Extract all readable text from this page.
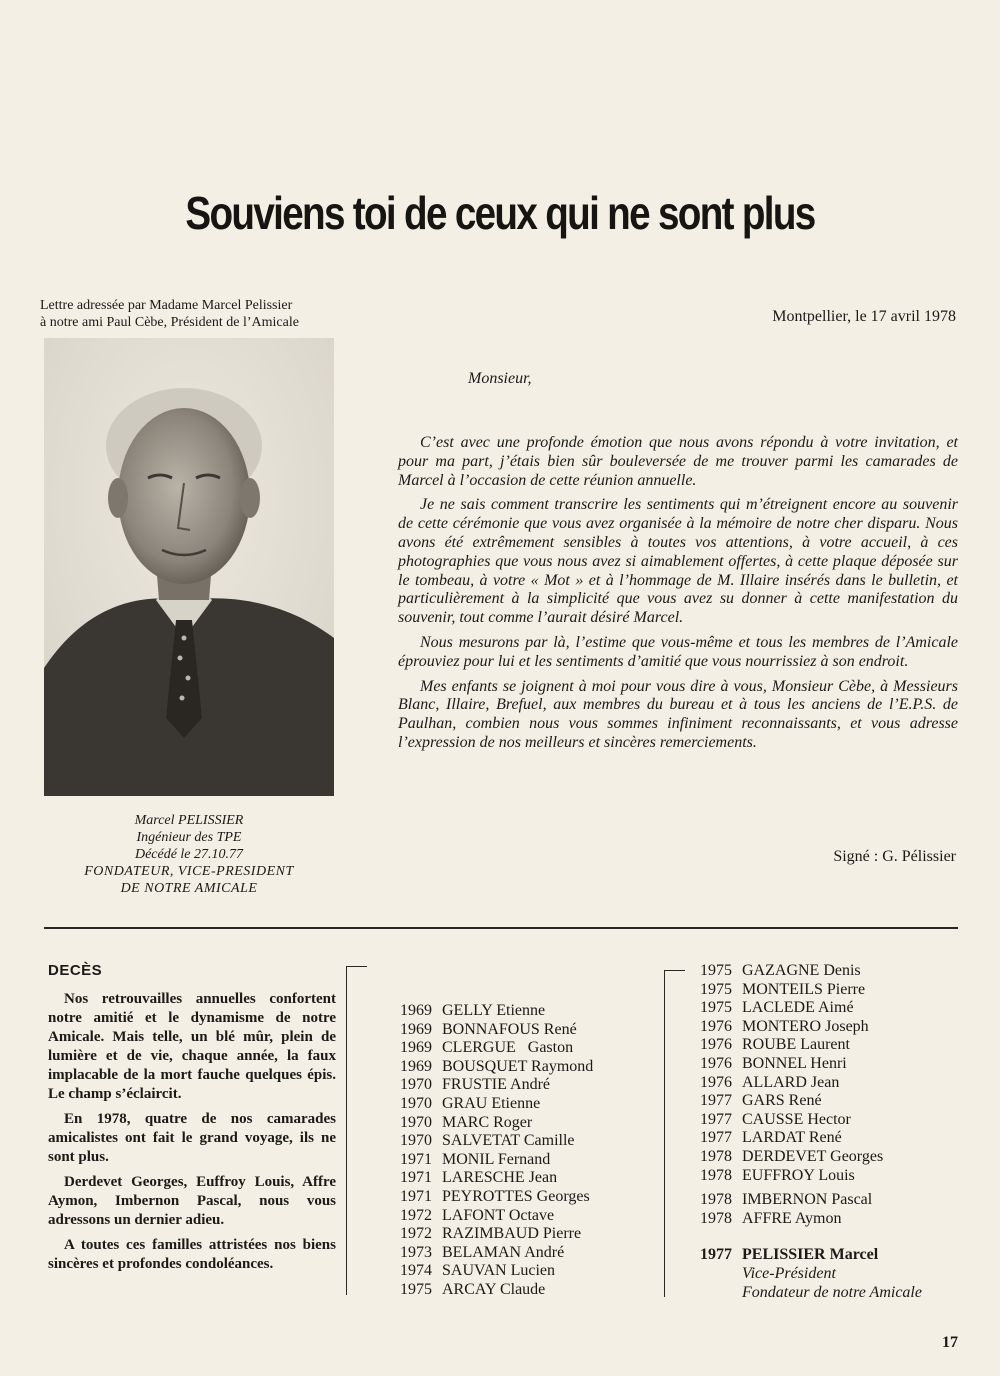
Souviens toi de ceux qui ne sont plus
Lettre adressée par Madame Marcel Pelissier
à notre ami Paul Cèbe, Président de l’Amicale	Montpellier, le 17 avril 1978
Marcel PELISSIER
Ingénieur des TPE
Décédé le 27.10.77
FONDATEUR, VICE-PRESIDENT
DE NOTRE AMICALE
Monsieur,

C’est avec une profonde émotion que nous avons répondu à votre invitation, et pour ma part, j’étais bien sûr bouleversée de me trouver parmi les camarades de Marcel à l’occasion de cette réunion annuelle.

Je ne sais comment transcrire les sentiments qui m’étreignent encore au souvenir de cette cérémonie que vous avez organisée à la mémoire de notre cher disparu. Nous avons été extrêmement sensibles à toutes vos attentions, à votre accueil, à ces photographies que vous nous avez si aimablement offertes, à cette plaque déposée sur le tombeau, à votre « Mot » et à l’hommage de M. Illaire insérés dans le bulletin, et particulièrement à la simplicité que vous avez su donner à cette manifestation du souvenir, tout comme l’aurait désiré Marcel.

Nous mesurons par là, l’estime que vous-même et tous les membres de l’Amicale éprouviez pour lui et les sentiments d’amitié que vous nourrissiez à son endroit.

Mes enfants se joignent à moi pour vous dire à vous, Monsieur Cèbe, à Messieurs Blanc, Illaire, Brefuel, aux membres du bureau et à tous les anciens de l’E.P.S. de Paulhan, combien nous vous sommes infiniment reconnaissants, et vous adresse l’expression de nos meilleurs et sincères remerciements.

Signé : G. Pélissier
DECÈS

Nos retrouvailles annuelles confortent notre amitié et le dynamisme de notre Amicale. Mais telle, un blé mûr, plein de lumière et de vie, chaque année, la faux implacable de la mort fauche quelques épis. Le champ s’éclaircit.

En 1978, quatre de nos camarades amicalistes ont fait le grand voyage, ils ne sont plus.

Derdevet Georges, Euffroy Louis, Affre Aymon, Imbernon Pascal, nous vous adressons un dernier adieu.

A toutes ces familles attristées nos biens sincères et profondes condoléances.

1969 GELLY Etienne
1969 BONNAFOUS René
1969 CLERGUE   Gaston
1969 BOUSQUET Raymond
1970 FRUSTIE André
1970 GRAU Etienne
1970 MARC Roger
1970 SALVETAT Camille
1971 MONIL Fernand
1971 LARESCHE Jean
1971 PEYROTTES Georges
1972 LAFONT Octave
1972 RAZIMBAUD Pierre
1973 BELAMAN André
1974 SAUVAN Lucien
1975 ARCAY Claude
1975 GAZAGNE Denis
1975 MONTEILS Pierre
1975 LACLEDE Aimé
1976 MONTERO Joseph
1976 ROUBE Laurent
1976 BONNEL Henri
1976 ALLARD Jean
1977 GARS René
1977 CAUSSE Hector
1977 LARDAT René
1978 DERDEVET Georges
1978 EUFFROY Louis
1978 IMBERNON Pascal
1978 AFFRE Aymon
1977 PELISSIER Marcel
Vice-Président
Fondateur de notre Amicale
17
